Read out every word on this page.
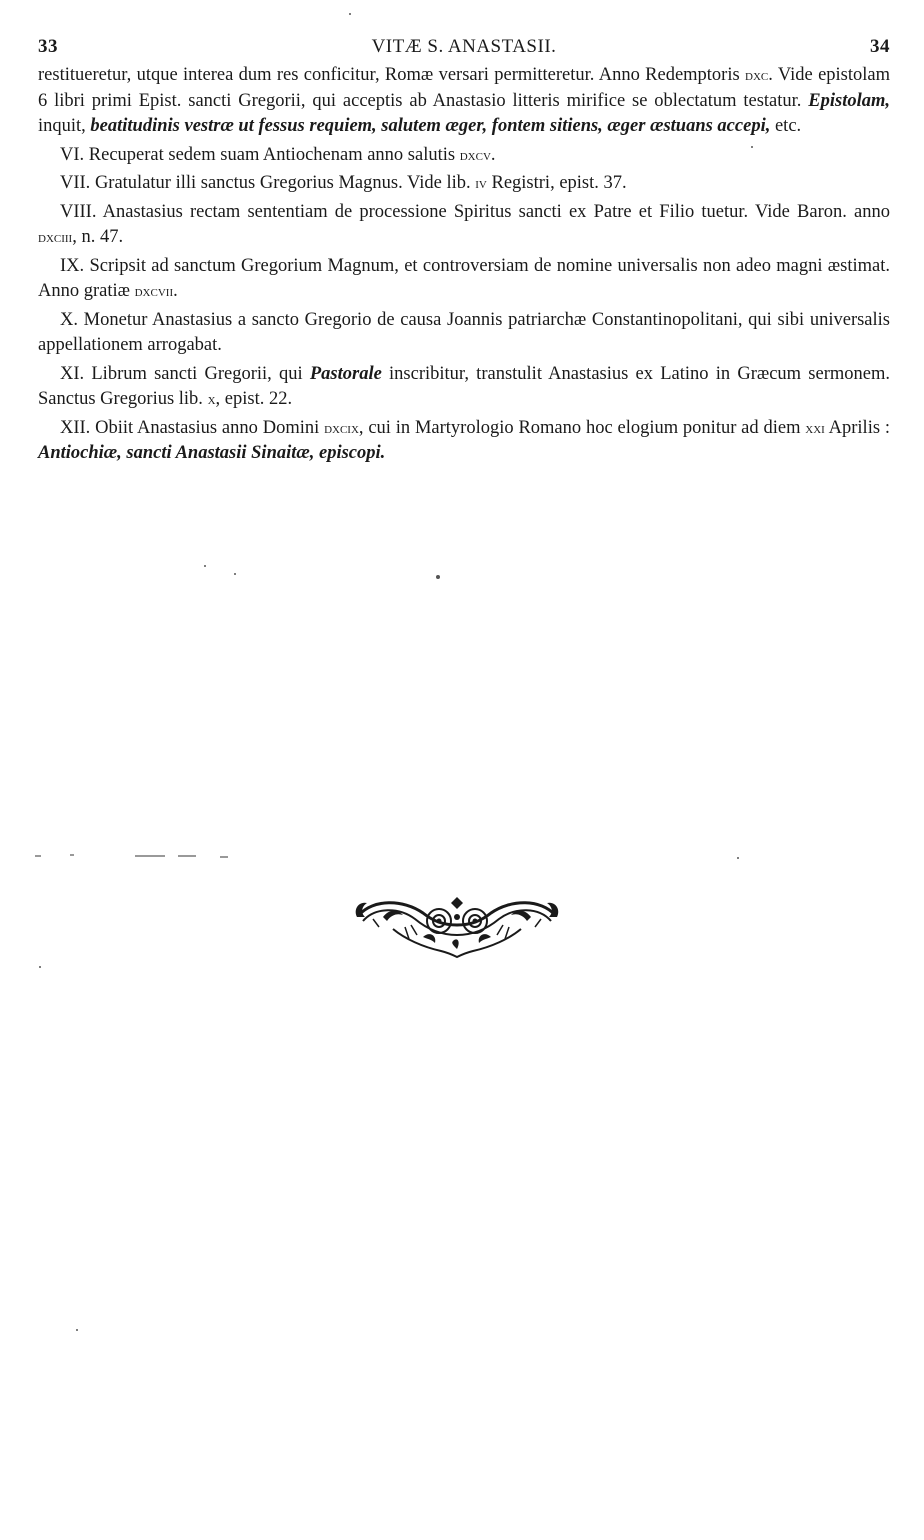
33	VITÆ S. ANASTASII.	34

restitueretur, utque interea dum res conficitur, Romæ versari permitteretur. Anno Redemptoris dxc. Vide epistolam 6 libri primi Epist. sancti Gregorii, qui acceptis ab Anastasio litteris mirifice se oblectatum testatur. Epistolam, inquit, beatitudinis vestræ ut fessus requiem, salutem æger, fontem sitiens, æger æstuans accepi, etc.

VI. Recuperat sedem suam Antiochenam anno salutis dxcv.

VII. Gratulatur illi sanctus Gregorius Magnus. Vide lib. iv Registri, epist. 37.

VIII. Anastasius rectam sententiam de processione Spiritus sancti ex Patre et Filio tuetur. Vide Baron. anno dxciii, n. 47.

IX. Scripsit ad sanctum Gregorium Magnum, et controversiam de nomine universalis non adeo magni æstimat. Anno gratiæ dxcvii.

X. Monetur Anastasius a sancto Gregorio de causa Joannis patriarchæ Constantinopolitani, qui sibi universalis appellationem arrogabat.

XI. Librum sancti Gregorii, qui Pastorale inscribitur, transtulit Anastasius ex Latino in Græcum sermonem. Sanctus Gregorius lib. x, epist. 22.

XII. Obiit Anastasius anno Domini dxcix, cui in Martyrologio Romano hoc elogium ponitur ad diem xxi Aprilis : Antiochiæ, sancti Anastasii Sinaitæ, episcopi.
